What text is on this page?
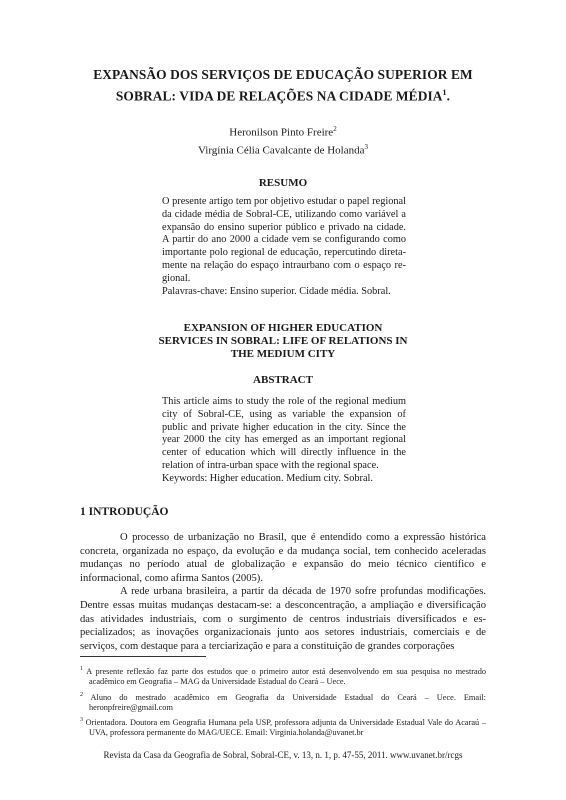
EXPANSÃO DOS SERVIÇOS DE EDUCAÇÃO SUPERIOR EM
SOBRAL: VIDA DE RELAÇÕES NA CIDADE MÉDIA$^1$.
Heronilson Pinto Freire$^2$
Virgínia Célia Cavalcante de Holanda$^3$
RESUMO

O presente artigo tem por objetivo estudar o papel regional da cidade média de Sobral-CE, utilizando como variável a expansão do ensino superior público e privado na cidade. A partir do ano 2000 a cidade vem se configurando como importante polo regional de educação, repercutindo diretamente na relação do espaço intraurbano com o espaço regional.

Palavras-chave: Ensino superior. Cidade média. Sobral.

EXPANSION OF HIGHER EDUCATION
SERVICES IN SOBRAL: LIFE OF RELATIONS IN
THE MEDIUM CITY
ABSTRACT

This article aims to study the role of the regional medium city of Sobral-CE, using as variable the expansion of public and private higher education in the city. Since the year 2000 the city has emerged as an important regional center of education which will directly influence in the relation of intra-urban space with the regional space.

Keywords: Higher education. Medium city. Sobral.

1 INTRODUÇÃO

O processo de urbanização no Brasil, que é entendido como a expressão histórica concreta, organizada no espaço, da evolução e da mudança social, tem conhecido aceleradas mudanças no período atual de globalização e expansão do meio técnico científico e informacional, como afirma Santos (2005).

A rede urbana brasileira, a partir da década de 1970 sofre profundas modificações. Dentre essas muitas mudanças destacam-se: a desconcentração, a ampliação e diversificação das atividades industriais, com o surgimento de centros industriais diversificados e especializados; as inovações organizacionais junto aos setores industriais, comerciais e de serviços, com destaque para a terciarização e para a constituição de grandes corporações

$^1$ A presente reflexão faz parte dos estudos que o primeiro autor está desenvolvendo em sua pesquisa no mestrado acadêmico em Geografia – MAG da Universidade Estadual do Ceará – Uece.

$^2$ Aluno do mestrado acadêmico em Geografia da Universidade Estadual do Ceará – Uece. Email: heronpfreire@gmail.com

$^3$ Orientadora. Doutora em Geografia Humana pela USP, professora adjunta da Universidade Estadual Vale do Acaraú – UVA, professora permanente do MAG/UECE. Email: Virginia.holanda@uvanet.br

Revista da Casa da Geografia de Sobral, Sobral-CE, v. 13, n. 1, p. 47-55, 2011. www.uvanet.br/rcgs
